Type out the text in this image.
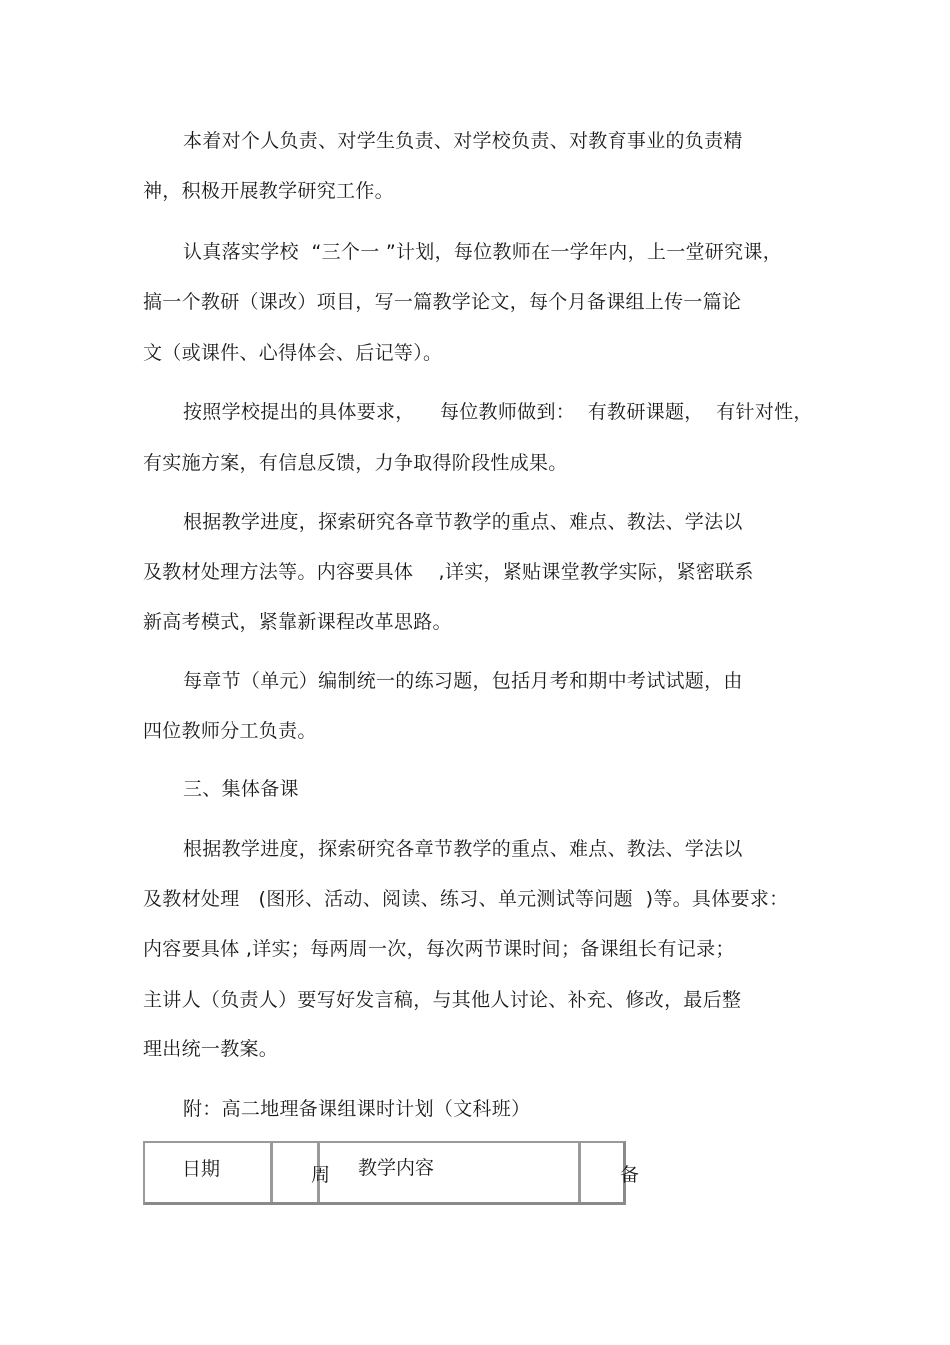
本着对个人负责、对学生负责、对学校负责、对教育事业的负责精
神，积极开展教学研究工作。
认真落实学校  “三个一 ”计划，每位教师在一学年内，上一堂研究课，
搞一个教研（课改）项目，写一篇教学论文，每个月备课组上传一篇论
文（或课件、心得体会、后记等）。
按照学校提出的具体要求，    每位教师做到：  有教研课题，  有针对性，
有实施方案，有信息反馈，力争取得阶段性成果。
根据教学进度，探索研究各章节教学的重点、难点、教法、学法以
及教材处理方法等。内容要具体    ,详实，紧贴课堂教学实际，紧密联系
新高考模式，紧靠新课程改革思路。
每章节（单元）编制统一的练习题，包括月考和期中考试试题，由
四位教师分工负责。
三、集体备课
根据教学进度，探索研究各章节教学的重点、难点、教法、学法以
及教材处理   (图形、活动、阅读、练习、单元测试等问题  )等。具体要求：
内容要具体 ,详实；每两周一次，每次两节课时间；备课组长有记录；
主讲人（负责人）要写好发言稿，与其他人讨论、补充、修改，最后整
理出统一教案。
附：高二地理备课组课时计划（文科班）
日期	周	教学内容	备
